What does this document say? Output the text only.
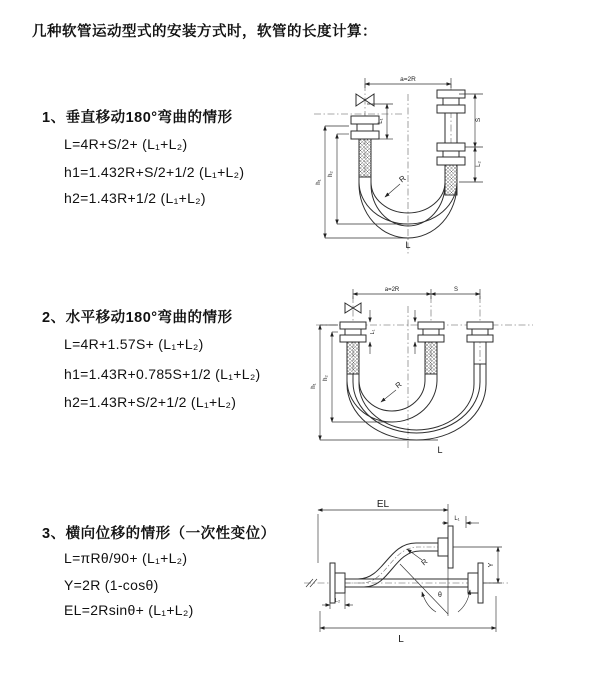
几种软管运动型式的安装方式时，软管的长度计算：
1、垂直移动180°弯曲的情形
L=4R+S/2+ (L₁+L₂)
h1=1.432R+S/2+1/2 (L₁+L₂)
h2=1.43R+1/2 (L₁+L₂)
a=2R
L₁	S
L₂
h₁
h₂	R
L
2、水平移动180°弯曲的情形
L=4R+1.57S+ (L₁+L₂)
h1=1.43R+0.785S+1/2 (L₁+L₂)
h2=1.43R+S/2+1/2 (L₁+L₂)
a=2R	S
L₁
h₁
h₂
R
L
3、横向位移的情形（一次性变位）
L=πRθ/90+ (L₁+L₂)
Y=2R (1-cosθ)
EL=2Rsinθ+ (L₁+L₂)
EL
L₁
Y
θ
R
L₂
L
